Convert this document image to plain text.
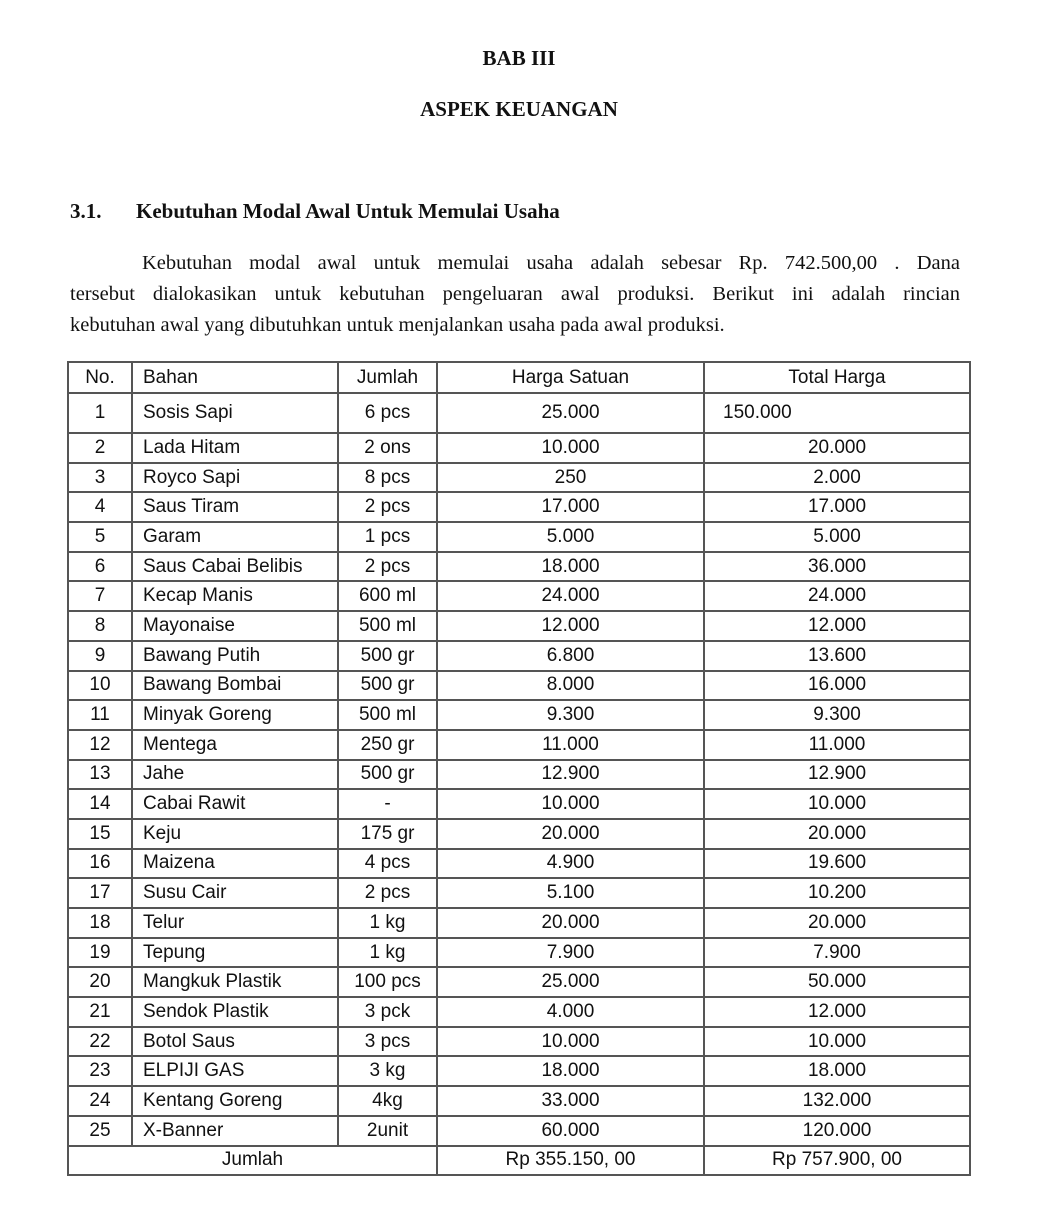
BAB III
ASPEK KEUANGAN
3.1. Kebutuhan Modal Awal Untuk Memulai Usaha
Kebutuhan modal awal untuk memulai usaha adalah sebesar Rp. 742.500,00 . Dana
tersebut dialokasikan untuk kebutuhan pengeluaran awal produksi. Berikut ini adalah rincian
kebutuhan awal yang dibutuhkan untuk menjalankan usaha pada awal produksi.
No.	Bahan	Jumlah	Harga Satuan	Total Harga
1	Sosis Sapi	6 pcs	25.000	150.000
2	Lada Hitam	2 ons	10.000	20.000
3	Royco Sapi	8 pcs	250	2.000
4	Saus Tiram	2 pcs	17.000	17.000
5	Garam	1 pcs	5.000	5.000
6	Saus Cabai Belibis	2 pcs	18.000	36.000
7	Kecap Manis	600 ml	24.000	24.000
8	Mayonaise	500 ml	12.000	12.000
9	Bawang Putih	500 gr	6.800	13.600
10	Bawang Bombai	500 gr	8.000	16.000
11	Minyak Goreng	500 ml	9.300	9.300
12	Mentega	250 gr	11.000	11.000
13	Jahe	500 gr	12.900	12.900
14	Cabai Rawit	-	10.000	10.000
15	Keju	175 gr	20.000	20.000
16	Maizena	4 pcs	4.900	19.600
17	Susu Cair	2 pcs	5.100	10.200
18	Telur	1 kg	20.000	20.000
19	Tepung	1 kg	7.900	7.900
20	Mangkuk Plastik	100 pcs	25.000	50.000
21	Sendok Plastik	3 pck	4.000	12.000
22	Botol Saus	3 pcs	10.000	10.000
23	ELPIJI GAS	3 kg	18.000	18.000
24	Kentang Goreng	4kg	33.000	132.000
25	X-Banner	2unit	60.000	120.000
Jumlah			Rp 355.150, 00	Rp 757.900, 00
